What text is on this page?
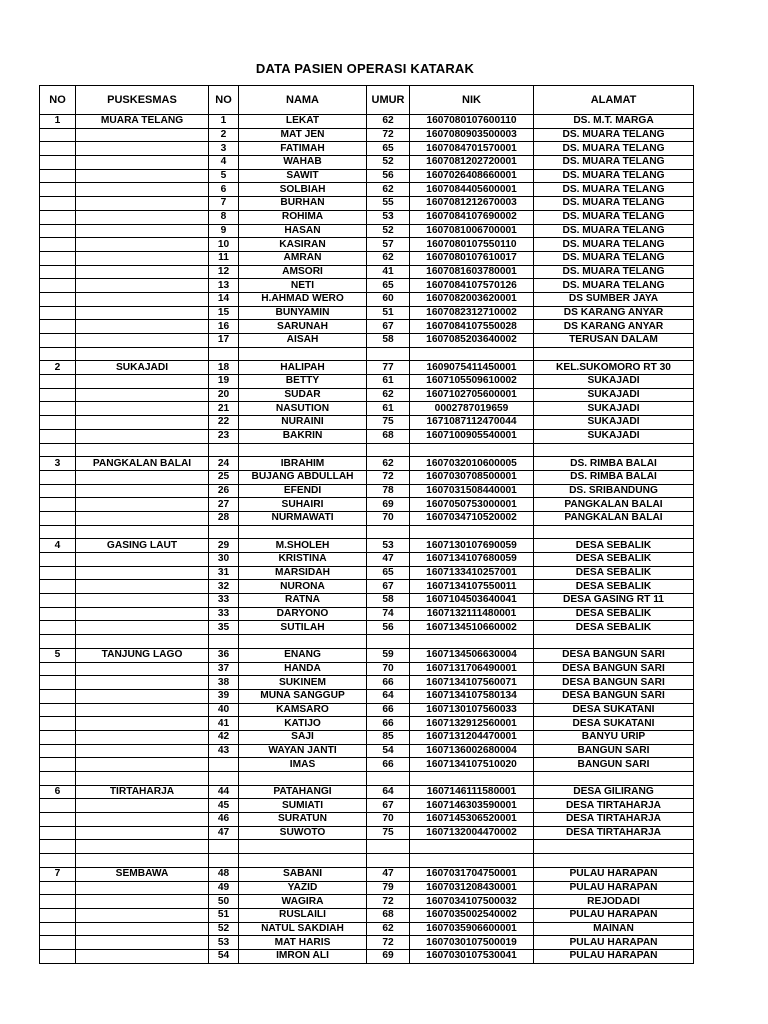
DATA PASIEN OPERASI KATARAK
NO	PUSKESMAS	NO	NAMA	UMUR	NIK	ALAMAT
1	MUARA TELANG	1	LEKAT	62	1607080107600110	DS. M.T. MARGA
		2	MAT JEN	72	1607080903500003	DS. MUARA TELANG
		3	FATIMAH	65	1607084701570001	DS. MUARA TELANG
		4	WAHAB	52	1607081202720001	DS. MUARA TELANG
		5	SAWIT	56	1607026408660001	DS. MUARA TELANG
		6	SOLBIAH	62	1607084405600001	DS. MUARA TELANG
		7	BURHAN	55	1607081212670003	DS. MUARA TELANG
		8	ROHIMA	53	1607084107690002	DS. MUARA TELANG
		9	HASAN	52	1607081006700001	DS. MUARA TELANG
		10	KASIRAN	57	1607080107550110	DS. MUARA TELANG
		11	AMRAN	62	1607080107610017	DS. MUARA TELANG
		12	AMSORI	41	1607081603780001	DS. MUARA TELANG
		13	NETI	65	1607084107570126	DS. MUARA TELANG
		14	H.AHMAD WERO	60	1607082003620001	DS SUMBER JAYA
		15	BUNYAMIN	51	1607082312710002	DS KARANG ANYAR
		16	SARUNAH	67	1607084107550028	DS KARANG ANYAR
		17	AISAH	58	1607085203640002	TERUSAN DALAM

2	SUKAJADI	18	HALIPAH	77	1609075411450001	KEL.SUKOMORO RT 30
		19	BETTY	61	1607105509610002	SUKAJADI
		20	SUDAR	62	1607102705600001	SUKAJADI
		21	NASUTION	61	0002787019659	SUKAJADI
		22	NURAINI	75	1671087112470044	SUKAJADI
		23	BAKRIN	68	1607100905540001	SUKAJADI

3	PANGKALAN BALAI	24	IBRAHIM	62	1607032010600005	DS. RIMBA BALAI
		25	BUJANG ABDULLAH	72	1607030708500001	DS. RIMBA BALAI
		26	EFENDI	78	1607031508440001	DS. SRIBANDUNG
		27	SUHAIRI	69	1607050753000001	PANGKALAN BALAI
		28	NURMAWATI	70	1607034710520002	PANGKALAN BALAI

4	GASING LAUT	29	M.SHOLEH	53	1607130107690059	DESA SEBALIK
		30	KRISTINA	47	1607134107680059	DESA SEBALIK
		31	MARSIDAH	65	1607133410257001	DESA SEBALIK
		32	NURONA	67	1607134107550011	DESA SEBALIK
		33	RATNA	58	1607104503640041	DESA GASING RT 11
		33	DARYONO	74	1607132111480001	DESA SEBALIK
		35	SUTILAH	56	1607134510660002	DESA SEBALIK

5	TANJUNG LAGO	36	ENANG	59	1607134506630004	DESA BANGUN SARI
		37	HANDA	70	1607131706490001	DESA BANGUN SARI
		38	SUKINEM	66	1607134107560071	DESA BANGUN SARI
		39	MUNA SANGGUP	64	1607134107580134	DESA BANGUN SARI
		40	KAMSARO	66	1607130107560033	DESA SUKATANI
		41	KATIJO	66	1607132912560001	DESA SUKATANI
		42	SAJI	85	1607131204470001	BANYU URIP
		43	WAYAN JANTI	54	1607136002680004	BANGUN SARI
			IMAS	66	1607134107510020	BANGUN SARI

6	TIRTAHARJA	44	PATAHANGI	64	1607146111580001	DESA GILIRANG
		45	SUMIATI	67	1607146303590001	DESA TIRTAHARJA
		46	SURATUN	70	1607145306520001	DESA TIRTAHARJA
		47	SUWOTO	75	1607132004470002	DESA TIRTAHARJA

7	SEMBAWA	48	SABANI	47	1607031704750001	PULAU HARAPAN
		49	YAZID	79	1607031208430001	PULAU HARAPAN
		50	WAGIRA	72	1607034107500032	REJODADI
		51	RUSLAILI	68	1607035002540002	PULAU HARAPAN
		52	NATUL SAKDIAH	62	1607035906600001	MAINAN
		53	MAT HARIS	72	1607030107500019	PULAU HARAPAN
		54	IMRON ALI	69	1607030107530041	PULAU HARAPAN
